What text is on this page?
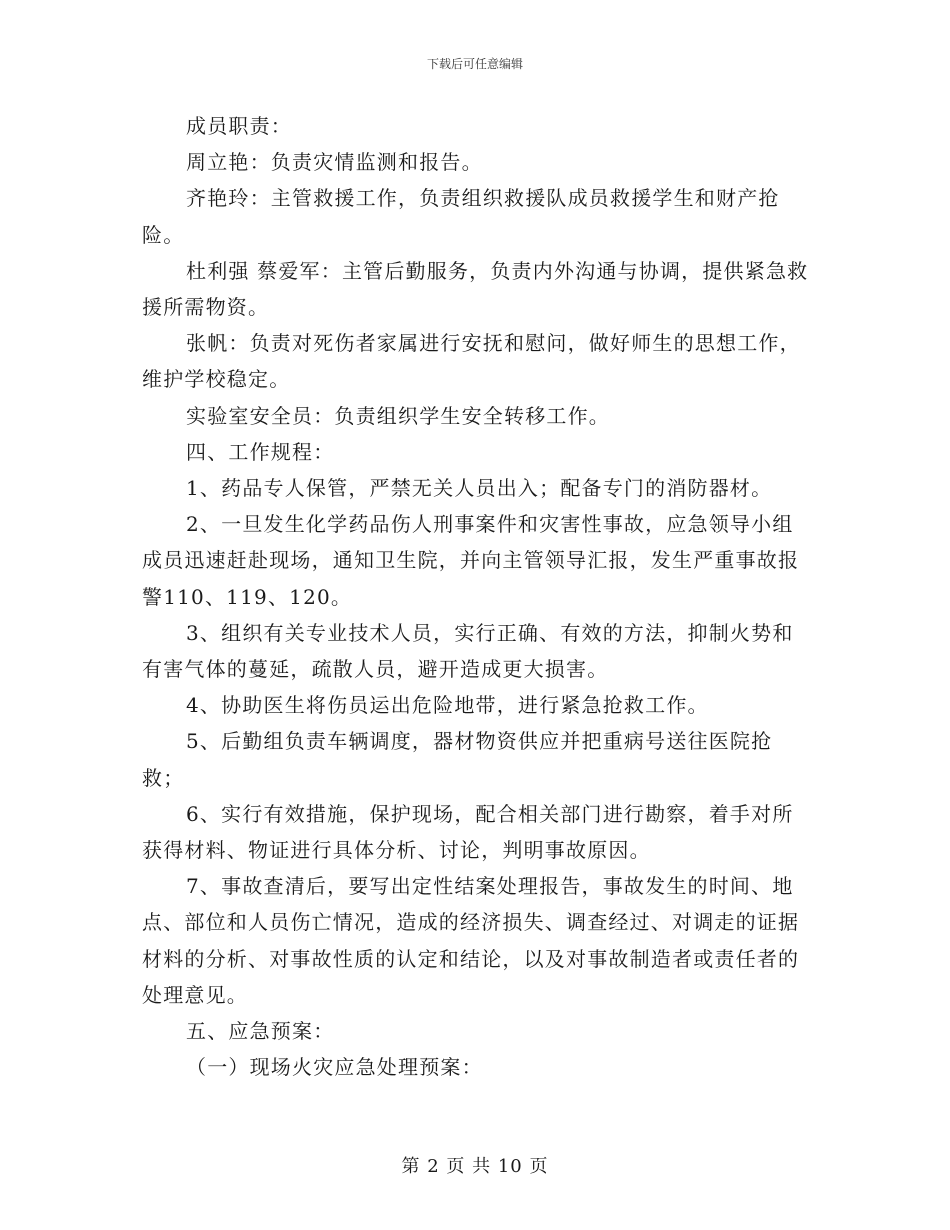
下载后可任意编辑

成员职责：

周立艳：负责灾情监测和报告。

齐艳玲：主管救援工作，负责组织救援队成员救援学生和财产抢险。

杜利强 蔡爱军：主管后勤服务，负责内外沟通与协调，提供紧急救援所需物资。

张帆：负责对死伤者家属进行安抚和慰问，做好师生的思想工作，维护学校稳定。

实验室安全员：负责组织学生安全转移工作。

四、工作规程：

1、药品专人保管，严禁无关人员出入；配备专门的消防器材。

2、一旦发生化学药品伤人刑事案件和灾害性事故，应急领导小组成员迅速赶赴现场，通知卫生院，并向主管领导汇报，发生严重事故报警110、119、120。

3、组织有关专业技术人员，实行正确、有效的方法，抑制火势和有害气体的蔓延，疏散人员，避开造成更大损害。

4、协助医生将伤员运出危险地带，进行紧急抢救工作。

5、后勤组负责车辆调度，器材物资供应并把重病号送往医院抢救；

6、实行有效措施，保护现场，配合相关部门进行勘察，着手对所获得材料、物证进行具体分析、讨论，判明事故原因。

7、事故查清后，要写出定性结案处理报告，事故发生的时间、地点、部位和人员伤亡情况，造成的经济损失、调查经过、对调走的证据材料的分析、对事故性质的认定和结论，以及对事故制造者或责任者的处理意见。

五、应急预案：

（一）现场火灾应急处理预案：

第 2 页 共 10 页
